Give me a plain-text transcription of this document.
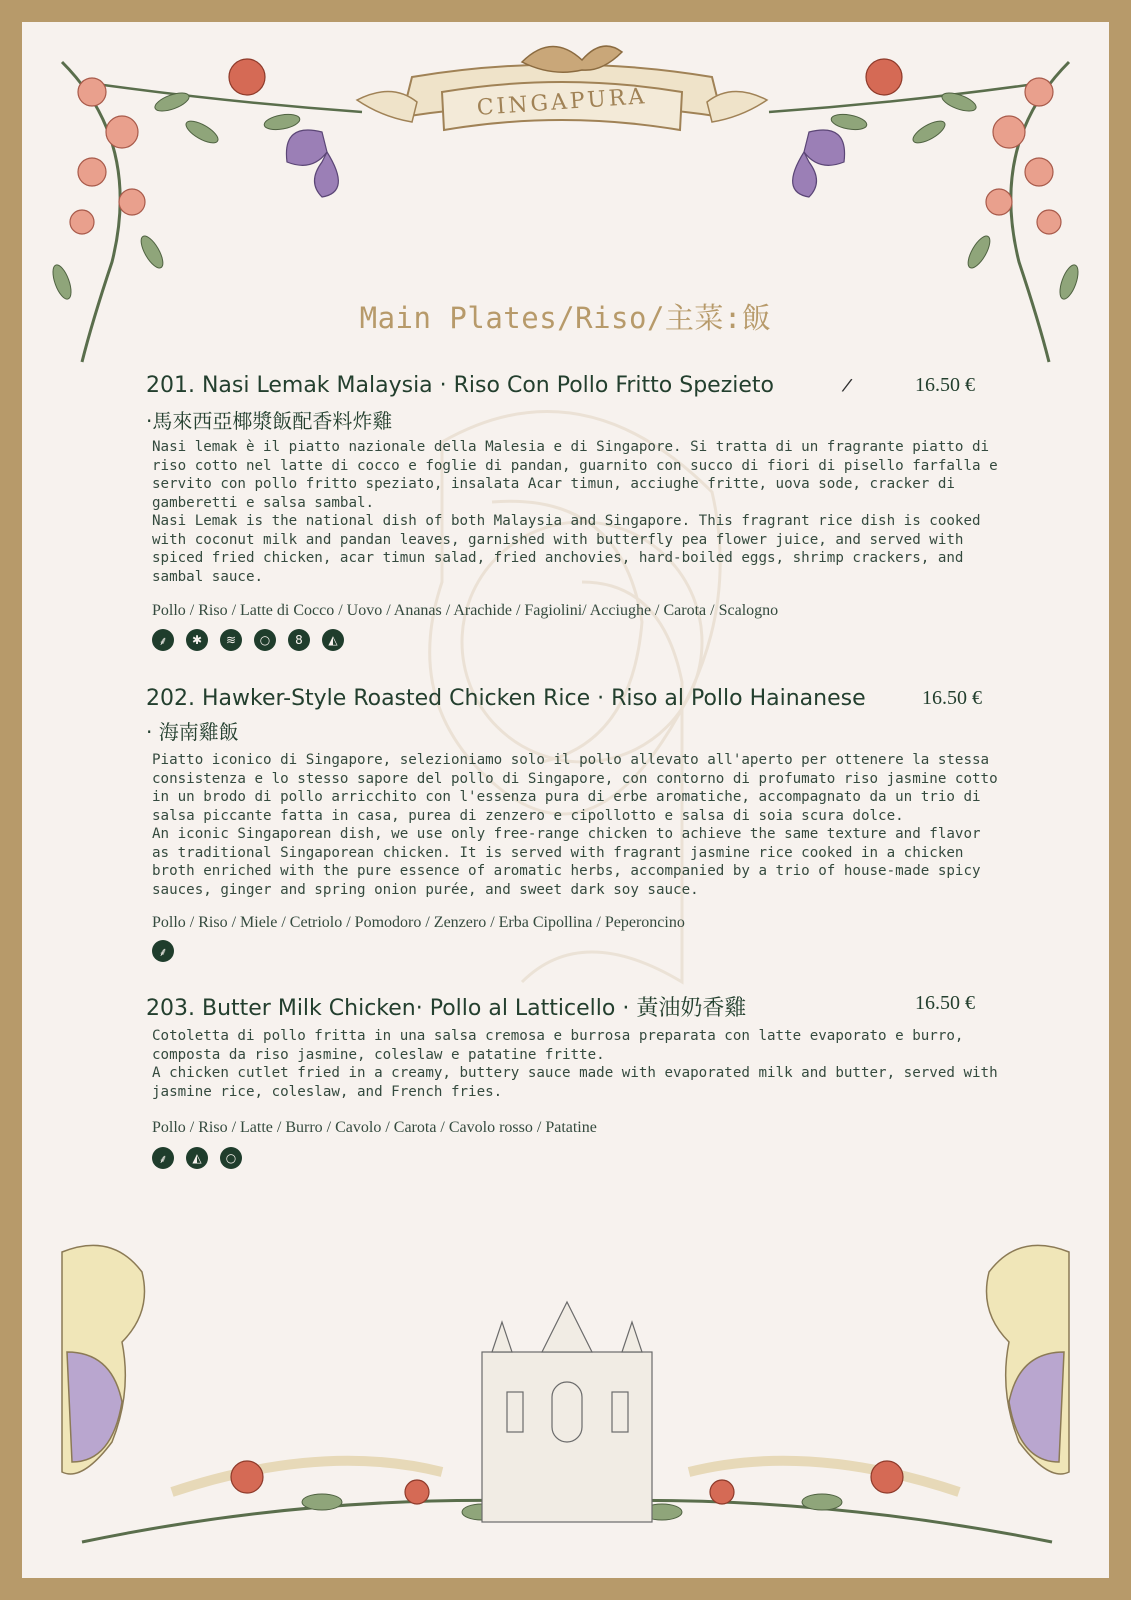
CINGAPURA
Main Plates/Riso/主菜:飯
201. Nasi Lemak Malaysia · Riso Con Pollo Fritto Spezieto	/	16.50 €
·馬來西亞椰漿飯配香料炸雞

Nasi lemak è il piatto nazionale della Malesia e di Singapore. Si tratta di un fragrante piatto di riso cotto nel latte di cocco e foglie di pandan, guarnito con succo di fiori di pisello farfalla e servito con pollo fritto speziato, insalata Acar timun, acciughe fritte, uova sode, cracker di gamberetti e salsa sambal.

Nasi Lemak is the national dish of both Malaysia and Singapore. This fragrant rice dish is cooked with coconut milk and pandan leaves, garnished with butterfly pea flower juice, and served with spiced fried chicken, acar timun salad, fried anchovies, hard-boiled eggs, shrimp crackers, and sambal sauce.

Pollo / Riso / Latte di Cocco / Uovo / Ananas / Arachide / Fagiolini/ Acciughe / Carota / Scalogno
⸙	✱	≋	○	8	◭
202. Hawker-Style Roasted Chicken Rice · Riso al Pollo Hainanese	16.50 €
· 海南雞飯

Piatto iconico di Singapore, selezioniamo solo il pollo allevato all'aperto per ottenere la stessa consistenza e lo stesso sapore del pollo di Singapore, con contorno di profumato riso jasmine cotto in un brodo di pollo arricchito con l'essenza pura di erbe aromatiche, accompagnato da un trio di salsa piccante fatta in casa, purea di zenzero e cipollotto e salsa di soia scura dolce.

An iconic Singaporean dish, we use only free-range chicken to achieve the same texture and flavor as traditional Singaporean chicken. It is served with fragrant jasmine rice cooked in a chicken broth enriched with the pure essence of aromatic herbs, accompanied by a trio of house-made spicy sauces, ginger and spring onion purée, and sweet dark soy sauce.

Pollo / Riso / Miele / Cetriolo / Pomodoro / Zenzero / Erba Cipollina / Peperoncino
⸙
203. Butter Milk Chicken· Pollo al Latticello · 黃油奶香雞	16.50 €

Cotoletta di pollo fritta in una salsa cremosa e burrosa preparata con latte evaporato e burro, composta da riso jasmine, coleslaw e patatine fritte.

A chicken cutlet fried in a creamy, buttery sauce made with evaporated milk and butter, served with jasmine rice, coleslaw, and French fries.

Pollo / Riso / Latte / Burro / Cavolo / Carota / Cavolo rosso / Patatine
⸙	◭	○
